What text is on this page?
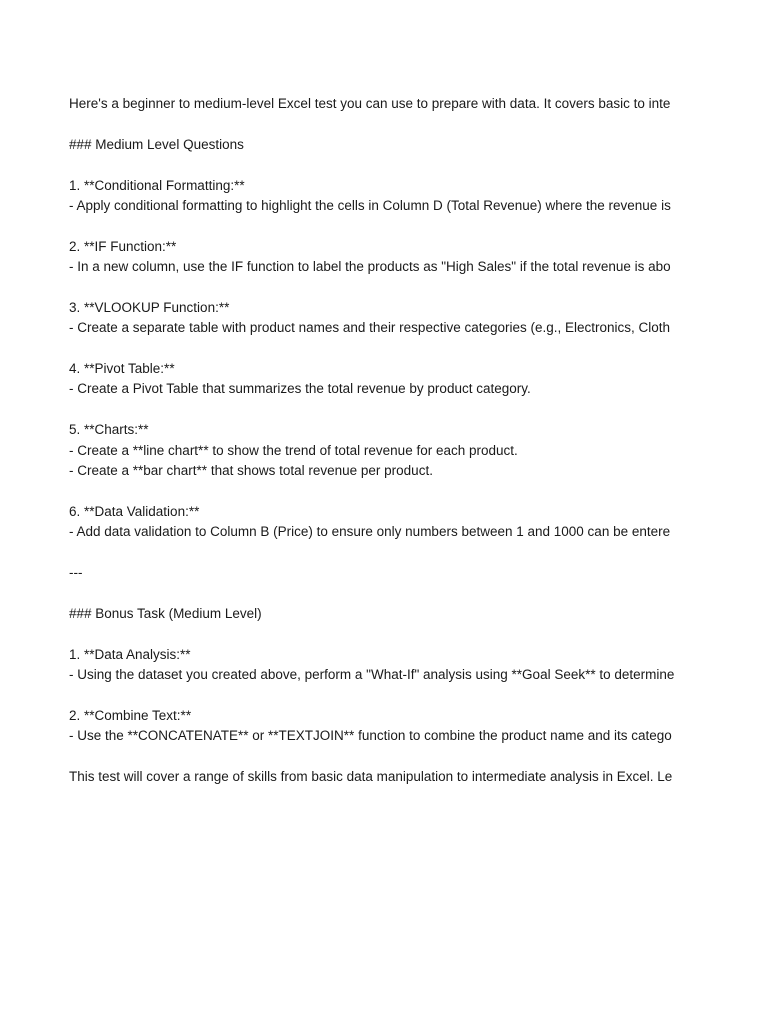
Here's a beginner to medium-level Excel test you can use to prepare with data. It covers basic to inte
### Medium Level Questions
1. **Conditional Formatting:**
- Apply conditional formatting to highlight the cells in Column D (Total Revenue) where the revenue is
2. **IF Function:**
- In a new column, use the IF function to label the products as "High Sales" if the total revenue is abo
3. **VLOOKUP Function:**
- Create a separate table with product names and their respective categories (e.g., Electronics, Cloth
4. **Pivot Table:**
- Create a Pivot Table that summarizes the total revenue by product category.
5. **Charts:**
- Create a **line chart** to show the trend of total revenue for each product.
- Create a **bar chart** that shows total revenue per product.
6. **Data Validation:**
- Add data validation to Column B (Price) to ensure only numbers between 1 and 1000 can be entere
---
### Bonus Task (Medium Level)
1. **Data Analysis:**
- Using the dataset you created above, perform a "What-If" analysis using **Goal Seek** to determine
2. **Combine Text:**
- Use the **CONCATENATE** or **TEXTJOIN** function to combine the product name and its catego
This test will cover a range of skills from basic data manipulation to intermediate analysis in Excel. Le
